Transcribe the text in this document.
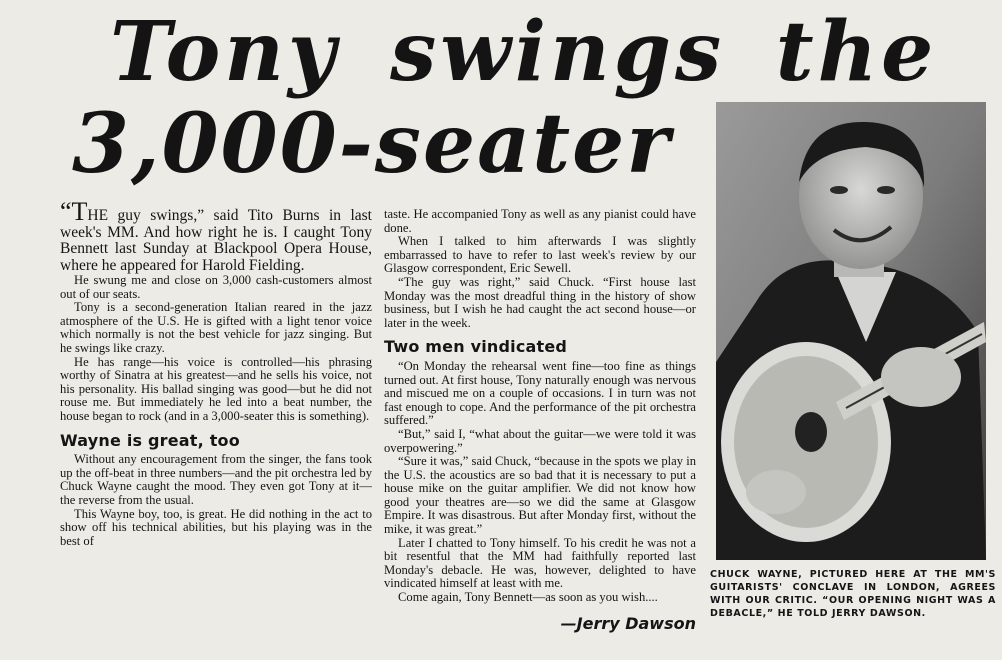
Tony swings the
3,000-seater

“THE guy swings,” said Tito Burns in last week's MM. And how right he is. I caught Tony Bennett last Sunday at Blackpool Opera House, where he appeared for Harold Fielding.

He swung me and close on 3,000 cash-customers almost out of our seats.

Tony is a second-generation Italian reared in the jazz atmosphere of the U.S. He is gifted with a light tenor voice which normally is not the best vehicle for jazz singing. But he swings like crazy.

He has range—his voice is controlled—his phrasing worthy of Sinatra at his greatest—and he sells his voice, not his personality. His ballad singing was good—but he did not rouse me. But immediately he led into a beat number, the house began to rock (and in a 3,000-seater this is something).

Wayne is great, too

Without any encouragement from the singer, the fans took up the off-beat in three numbers—and the pit orchestra led by Chuck Wayne caught the mood. They even got Tony at it—the reverse from the usual.

This Wayne boy, too, is great. He did nothing in the act to show off his technical abilities, but his playing was in the best of

taste. He accompanied Tony as well as any pianist could have done.

When I talked to him afterwards I was slightly embarrassed to have to refer to last week's review by our Glasgow correspondent, Eric Sewell.

“The guy was right,” said Chuck. “First house last Monday was the most dreadful thing in the history of show business, but I wish he had caught the act second house—or later in the week.

Two men vindicated

“On Monday the rehearsal went fine—too fine as things turned out. At first house, Tony naturally enough was nervous and miscued me on a couple of occasions. I in turn was not fast enough to cope. And the performance of the pit orchestra suffered.”

“But,” said I, “what about the guitar—we were told it was overpowering.”

“Sure it was,” said Chuck, “because in the spots we play in the U.S. the acoustics are so bad that it is necessary to put a house mike on the guitar amplifier. We did not know how good your theatres are—so we did the same at Glasgow Empire. It was disastrous. But after Monday first, without the mike, it was great.”

Later I chatted to Tony himself. To his credit he was not a bit resentful that the MM had faithfully reported last Monday's debacle. He was, however, delighted to have vindicated himself at least with me.

Come again, Tony Bennett—as soon as you wish....

—Jerry Dawson
CHUCK WAYNE, PICTURED HERE AT THE MM'S GUITARISTS' CONCLAVE IN LONDON, AGREES WITH OUR CRITIC. “OUR OPENING NIGHT WAS A DEBACLE,” HE TOLD JERRY DAWSON.
